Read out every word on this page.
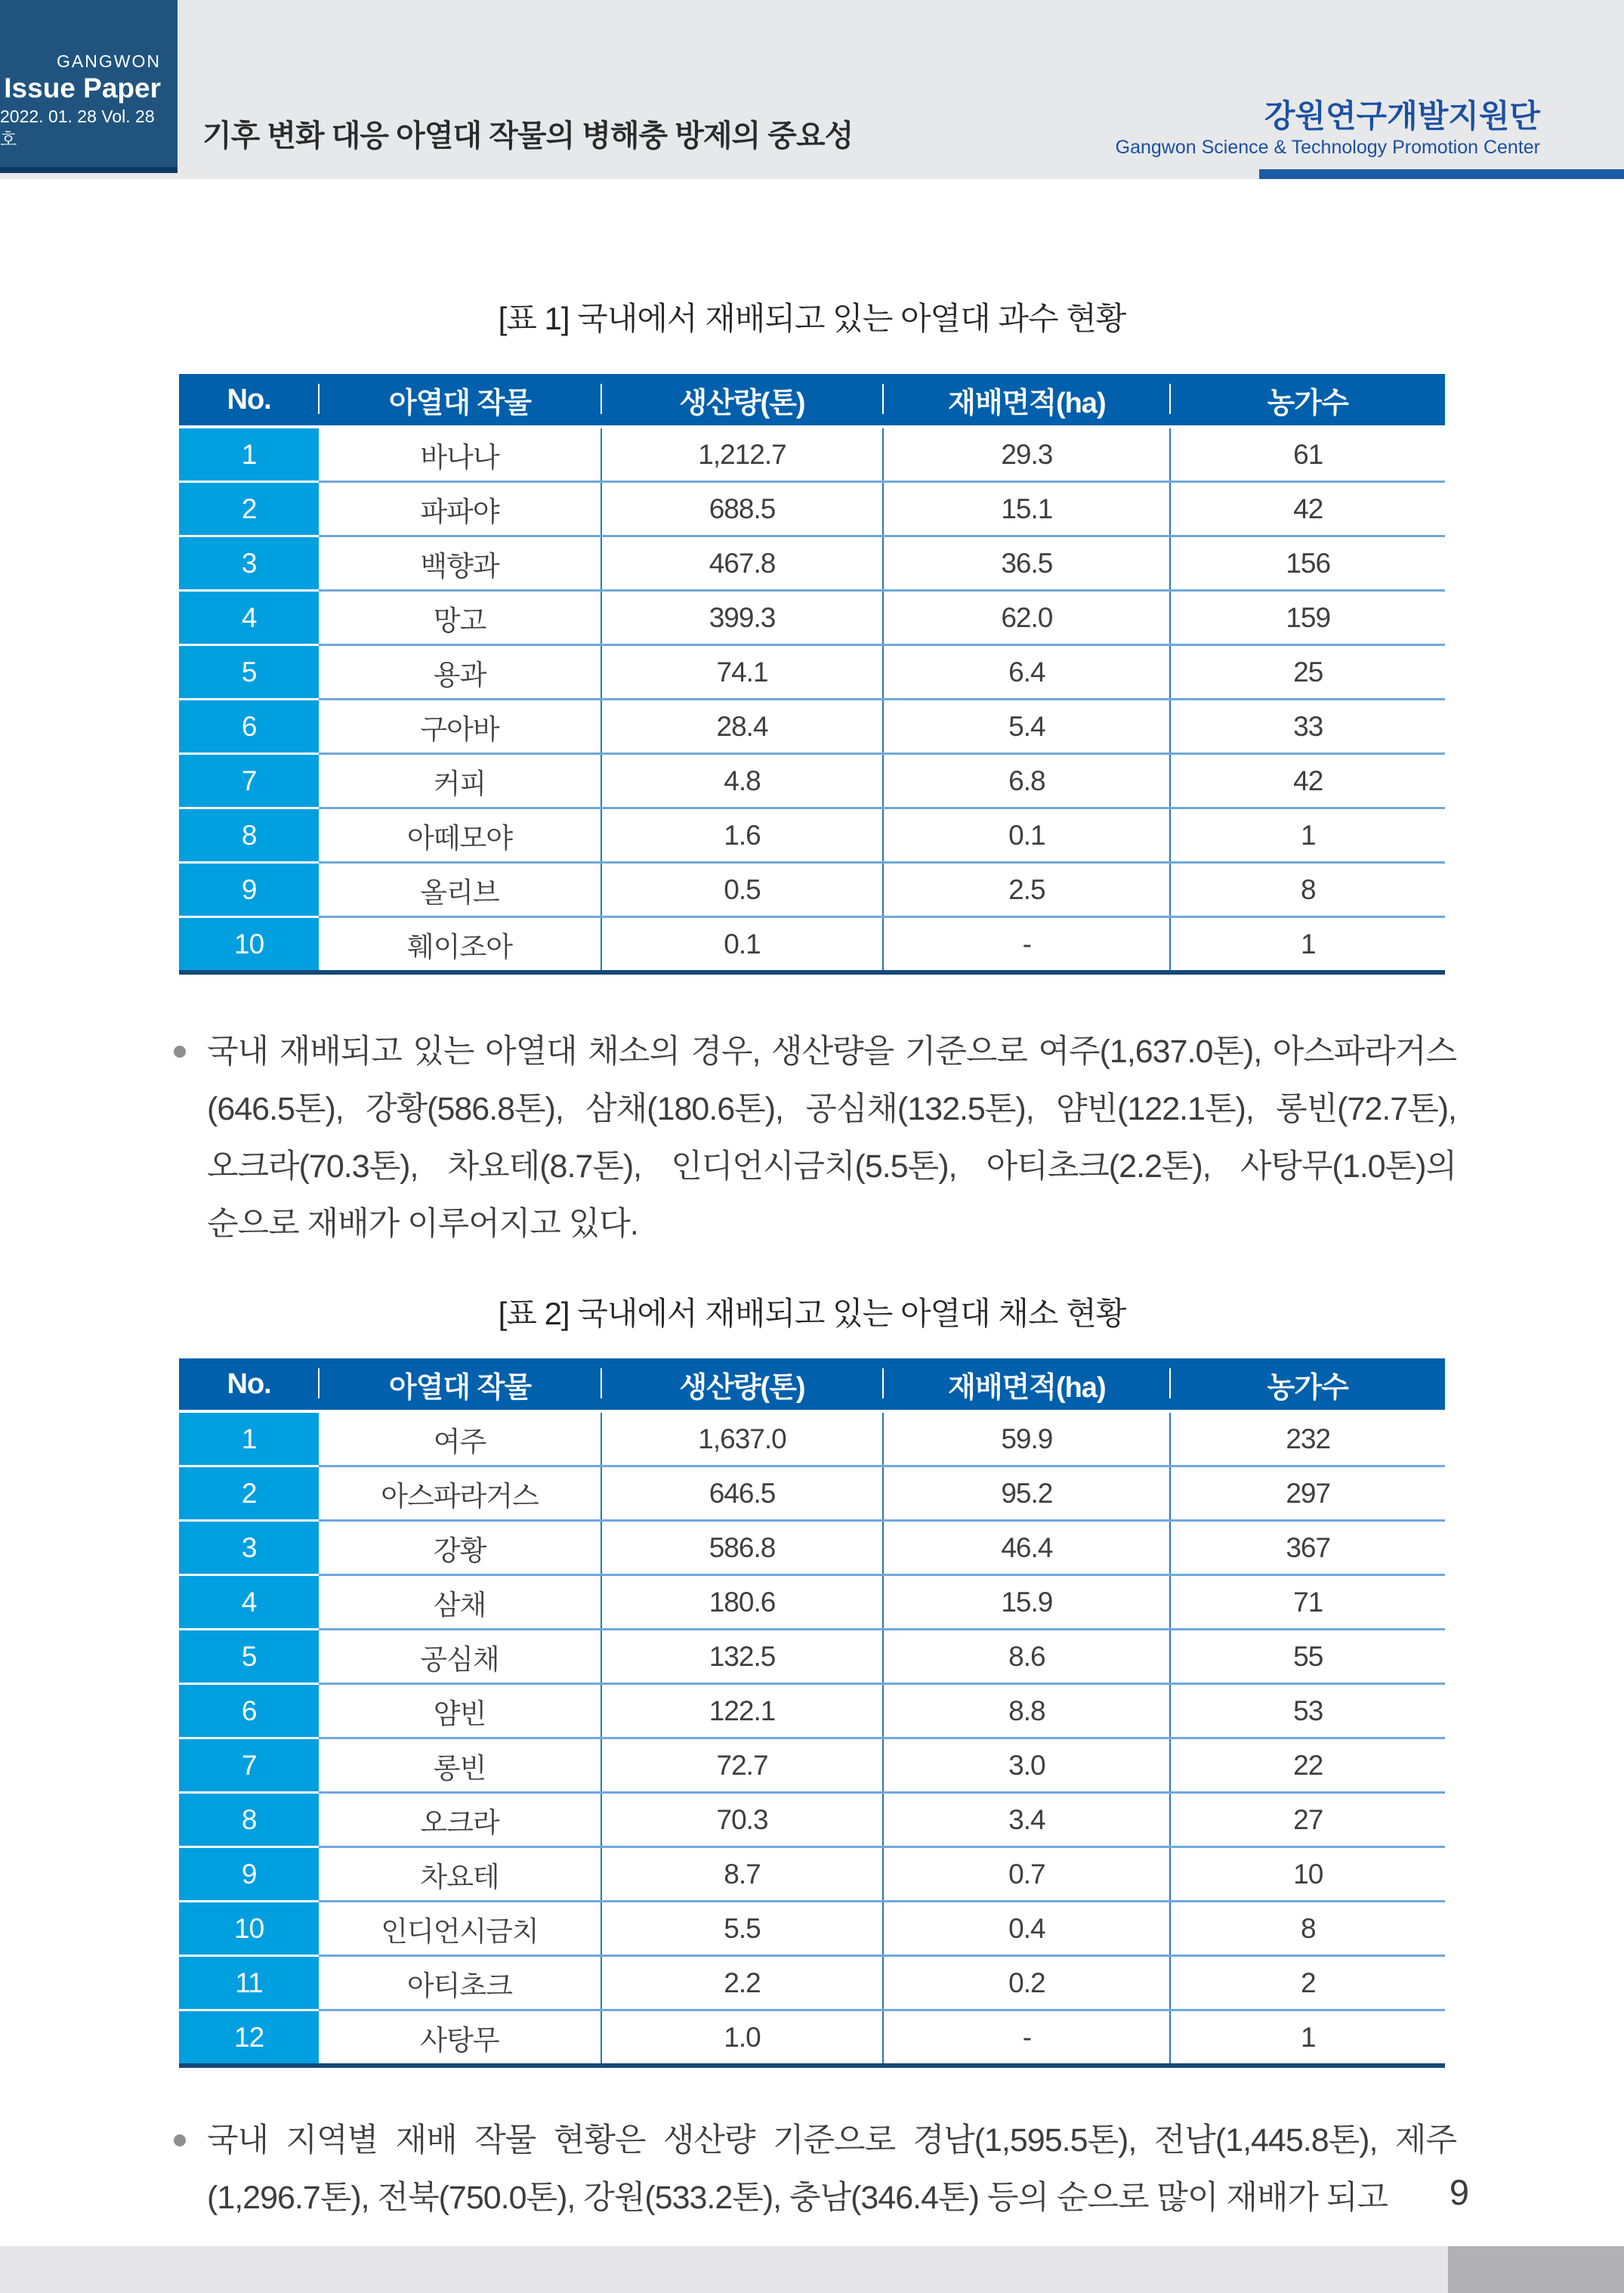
GANGWON
Issue Paper
2022. 01. 28 Vol. 28호	기후 변화 대응 아열대 작물의 병해충 방제의 중요성
강원연구개발지원단
Gangwon Science & Technology Promotion Center
[표 1] 국내에서 재배되고 있는 아열대 과수 현황
No.	아열대 작물	생산량(톤)	재배면적(ha)	농가수
1	바나나	1,212.7	29.3	61
2	파파야	688.5	15.1	42
3	백향과	467.8	36.5	156
4	망고	399.3	62.0	159
5	용과	74.1	6.4	25
6	구아바	28.4	5.4	33
7	커피	4.8	6.8	42
8	아떼모야	1.6	0.1	1
9	올리브	0.5	2.5	8
10	훼이조아	0.1	-	1

국내 재배되고 있는 아열대 채소의 경우, 생산량을 기준으로 여주(1,637.0톤), 아스파라거스(646.5톤), 강황(586.8톤), 삼채(180.6톤), 공심채(132.5톤), 얌빈(122.1톤), 롱빈(72.7톤), 오크라(70.3톤), 차요테(8.7톤), 인디언시금치(5.5톤), 아티초크(2.2톤), 사탕무(1.0톤)의 순으로 재배가 이루어지고 있다.

[표 2] 국내에서 재배되고 있는 아열대 채소 현황
No.	아열대 작물	생산량(톤)	재배면적(ha)	농가수
1	여주	1,637.0	59.9	232
2	아스파라거스	646.5	95.2	297
3	강황	586.8	46.4	367
4	삼채	180.6	15.9	71
5	공심채	132.5	8.6	55
6	얌빈	122.1	8.8	53
7	롱빈	72.7	3.0	22
8	오크라	70.3	3.4	27
9	차요테	8.7	0.7	10
10	인디언시금치	5.5	0.4	8
11	아티초크	2.2	0.2	2
12	사탕무	1.0	-	1

국내 지역별 재배 작물 현황은 생산량 기준으로 경남(1,595.5톤), 전남(1,445.8톤), 제주(1,296.7톤), 전북(750.0톤), 강원(533.2톤), 충남(346.4톤) 등의 순으로 많이 재배가 되고	9
